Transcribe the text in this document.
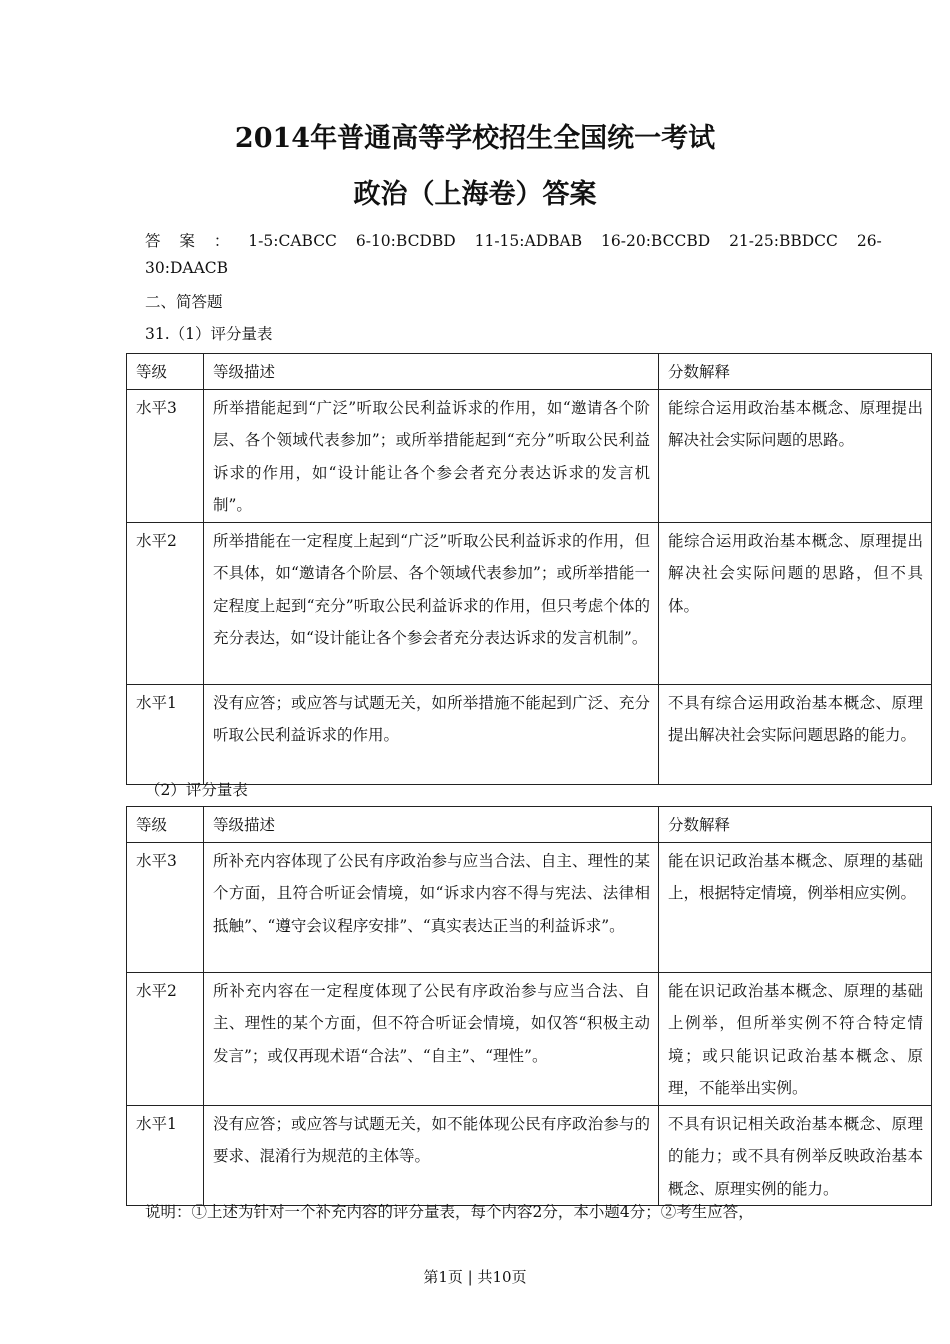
2014年普通高等学校招生全国统一考试
政治（上海卷）答案
答 案 ： 1-5:CABCC 6-10:BCDBD 11-15:ADBAB 16-20:BCCBD 21-25:BBDCC 26-
30:DAACB
二、简答题
31.（1）评分量表
等级	等级描述	分数解释
水平3	所举措能起到“广泛”听取公民利益诉求的作用，如“邀请各个阶层、各个领域代表参加”；或所举措能起到“充分”听取公民利益诉求的作用，如“设计能让各个参会者充分表达诉求的发言机制”。	能综合运用政治基本概念、原理提出解决社会实际问题的思路。
水平2	所举措能在一定程度上起到“广泛”听取公民利益诉求的作用，但不具体，如“邀请各个阶层、各个领域代表参加”；或所举措能一定程度上起到“充分”听取公民利益诉求的作用，但只考虑个体的充分表达，如“设计能让各个参会者充分表达诉求的发言机制”。	能综合运用政治基本概念、原理提出解决社会实际问题的思路，但不具体。
水平1	没有应答；或应答与试题无关，如所举措施不能起到广泛、充分听取公民利益诉求的作用。	不具有综合运用政治基本概念、原理提出解决社会实际问题思路的能力。
（2）评分量表
等级	等级描述	分数解释
水平3	所补充内容体现了公民有序政治参与应当合法、自主、理性的某个方面，且符合听证会情境，如“诉求内容不得与宪法、法律相抵触”、“遵守会议程序安排”、“真实表达正当的利益诉求”。	能在识记政治基本概念、原理的基础上，根据特定情境，例举相应实例。
水平2	所补充内容在一定程度体现了公民有序政治参与应当合法、自主、理性的某个方面，但不符合听证会情境，如仅答“积极主动发言”；或仅再现术语“合法”、“自主”、“理性”。	能在识记政治基本概念、原理的基础上例举，但所举实例不符合特定情境；或只能识记政治基本概念、原理，不能举出实例。
水平1	没有应答；或应答与试题无关，如不能体现公民有序政治参与的要求、混淆行为规范的主体等。	不具有识记相关政治基本概念、原理的能力；或不具有例举反映政治基本概念、原理实例的能力。
说明：①上述为针对一个补充内容的评分量表，每个内容2分，本小题4分；②考生应答，
第1页 | 共10页
